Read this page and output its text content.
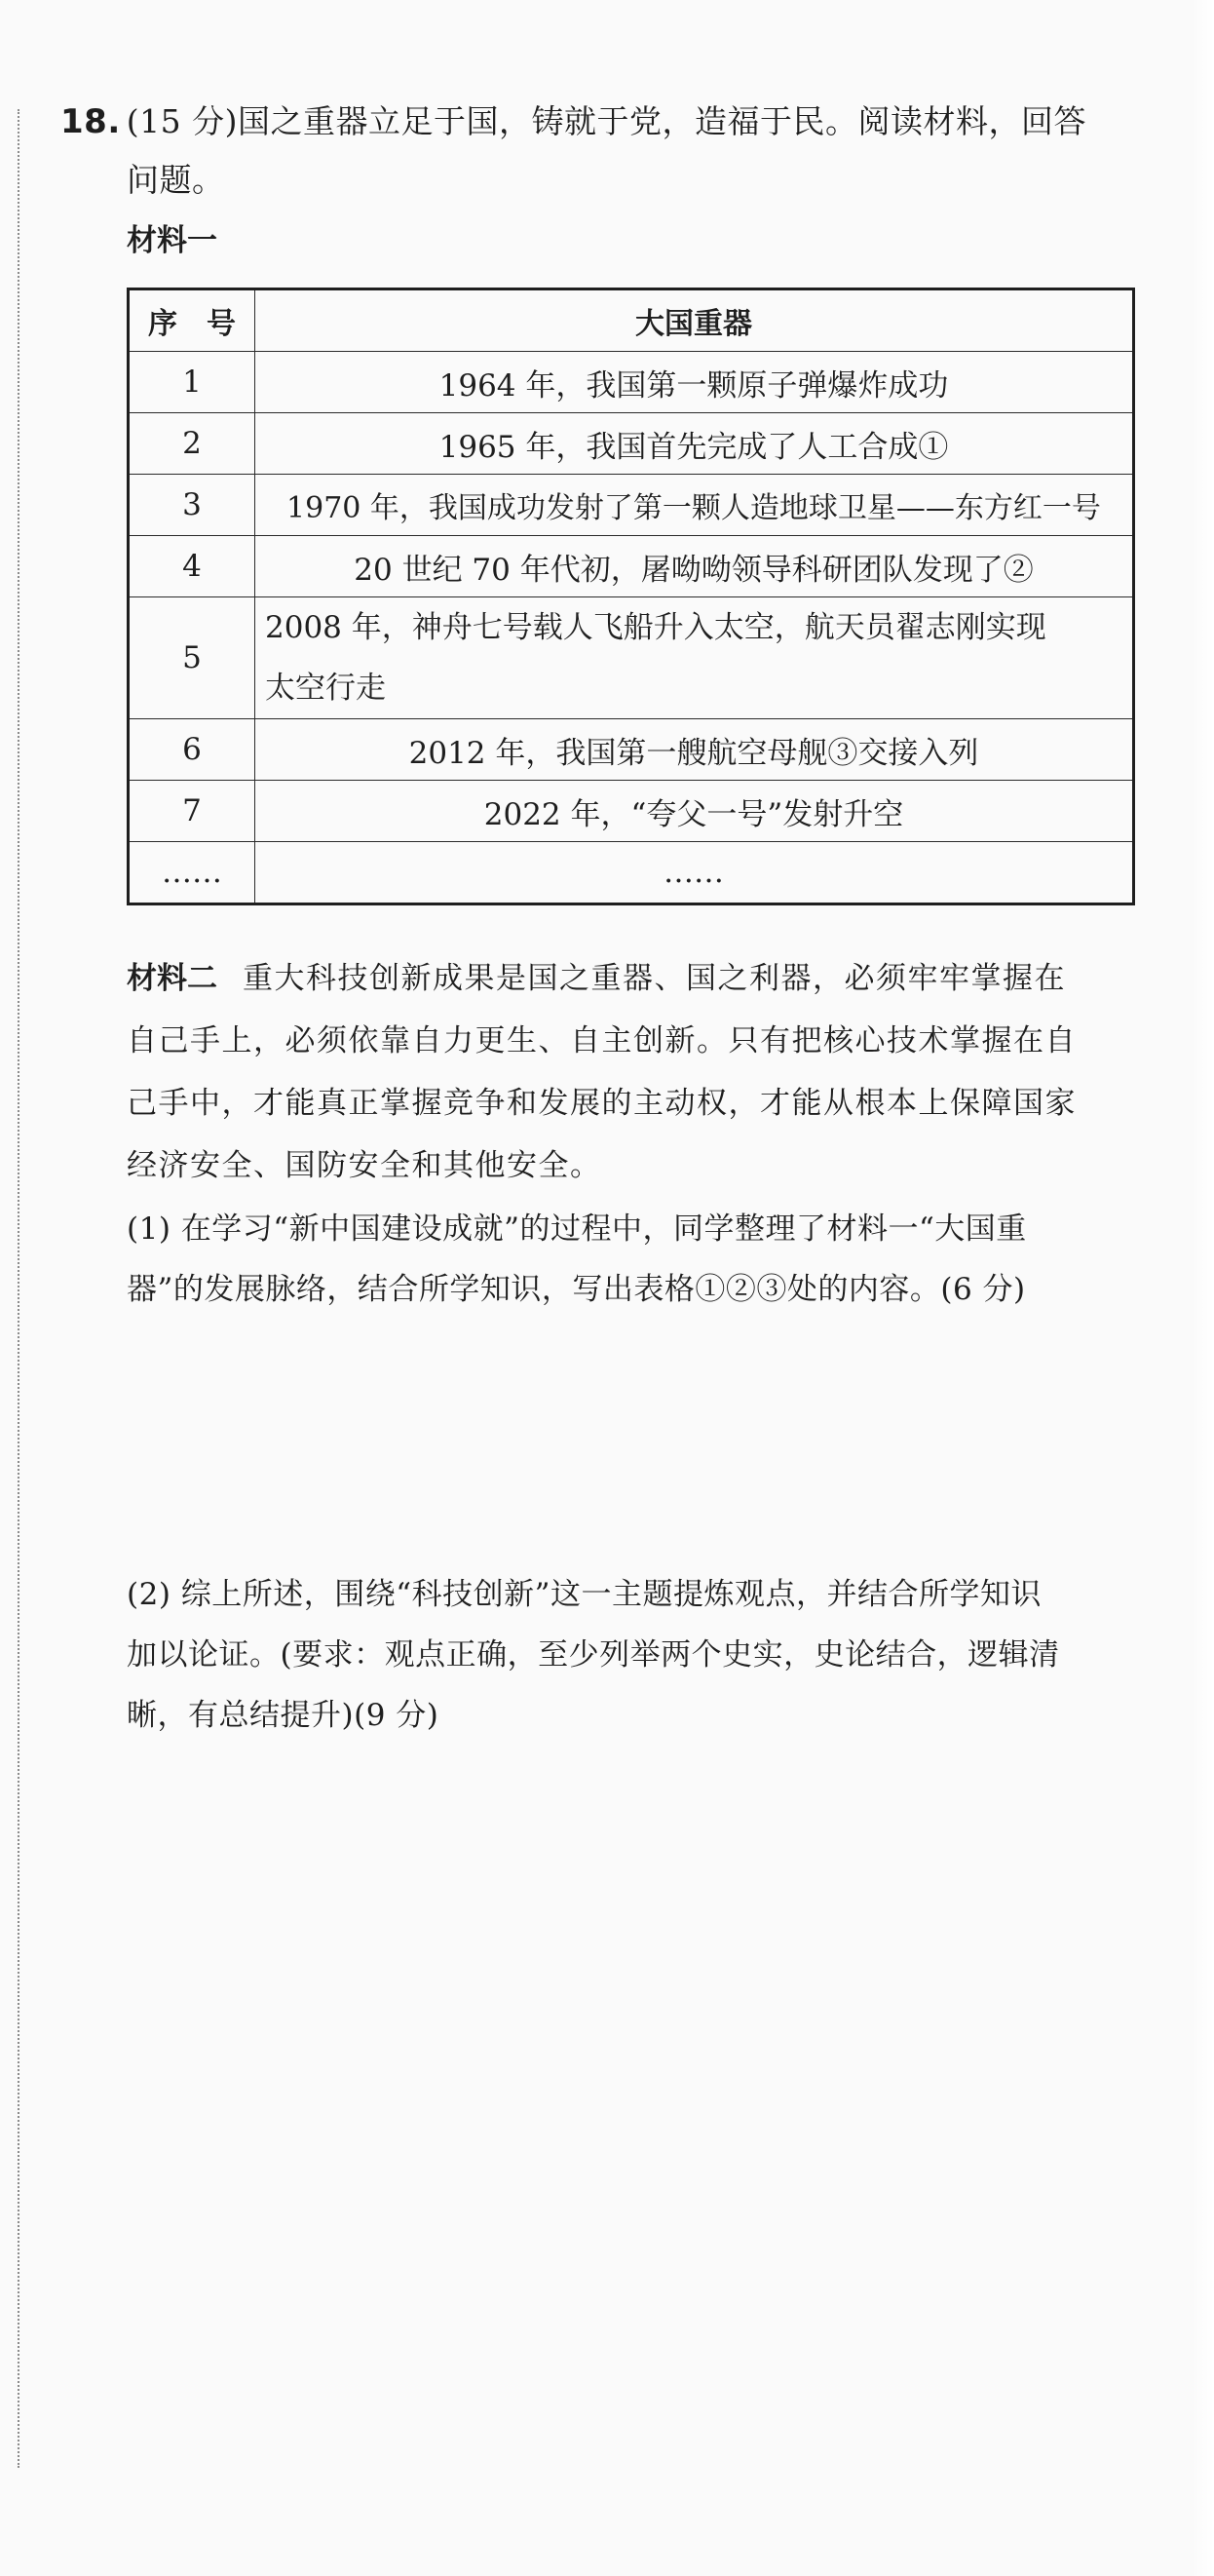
18. (15 分)国之重器立足于国，铸就于党，造福于民。阅读材料，回答
问题。
材料一
序　号	大国重器
1	1964 年，我国第一颗原子弹爆炸成功
2	1965 年，我国首先完成了人工合成①
3	1970 年，我国成功发射了第一颗人造地球卫星——东方红一号
4	20 世纪 70 年代初，屠呦呦领导科研团队发现了②
5	2008 年，神舟七号载人飞船升入太空，航天员翟志刚实现
太空行走

6	2012 年，我国第一艘航空母舰③交接入列
7	2022 年，“夸父一号”发射升空
……	……
材料二 重大科技创新成果是国之重器、国之利器，必须牢牢掌握在
自己手上，必须依靠自力更生、自主创新。只有把核心技术掌握在自
己手中，才能真正掌握竞争和发展的主动权，才能从根本上保障国家
经济安全、国防安全和其他安全。
(1) 在学习“新中国建设成就”的过程中，同学整理了材料一“大国重
器”的发展脉络，结合所学知识，写出表格①②③处的内容。(6 分)
(2) 综上所述，围绕“科技创新”这一主题提炼观点，并结合所学知识
加以论证。(要求：观点正确，至少列举两个史实，史论结合，逻辑清
晰，有总结提升)(9 分)
